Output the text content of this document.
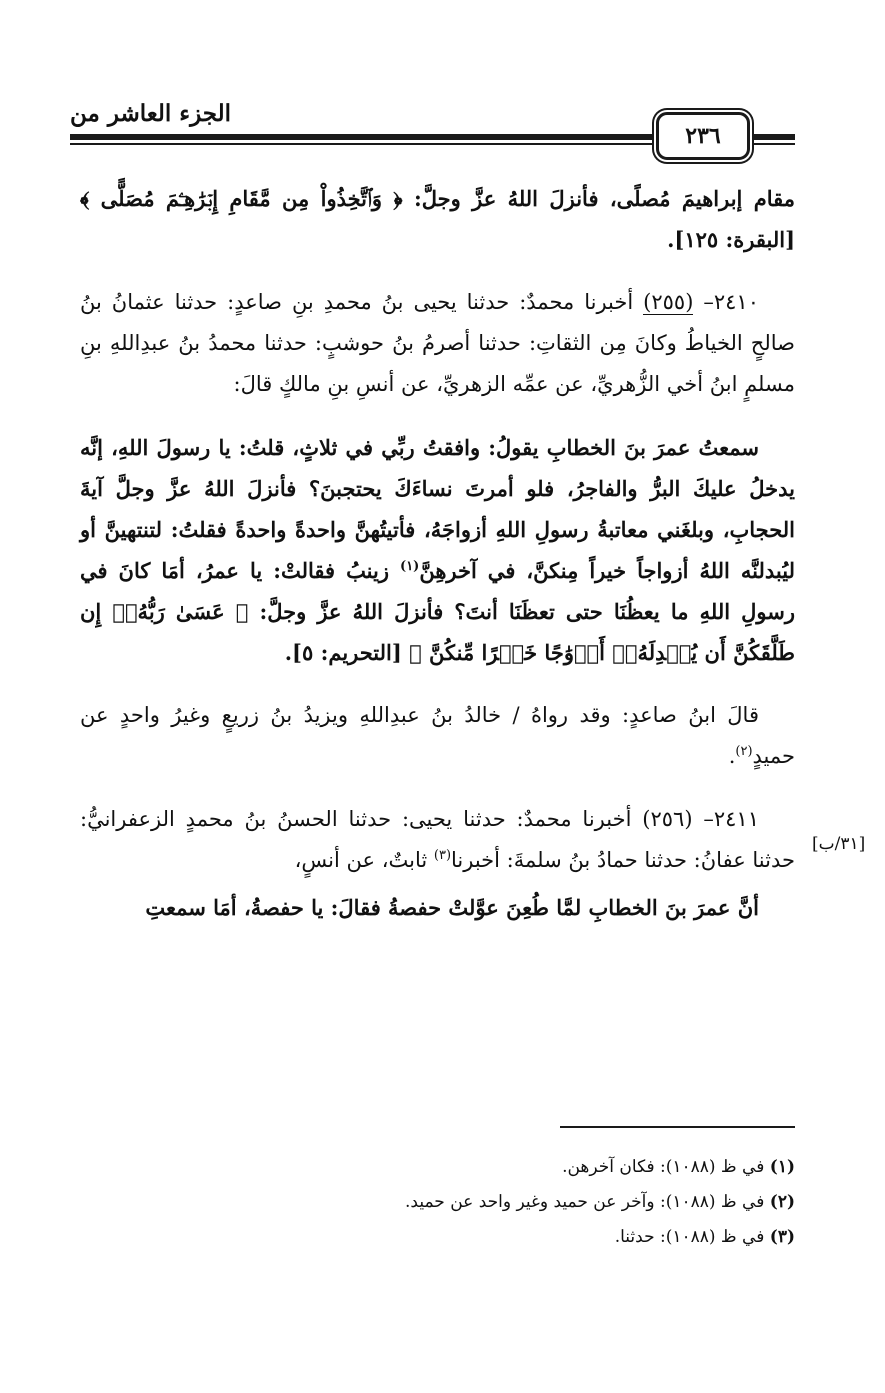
الجزء العاشر من
٢٣٦

مقام إبراهيمَ مُصلًى، فأنزلَ اللهُ عزَّ وجلَّ: ﴿ وَٱتَّخِذُواْ مِن مَّقَامِ إِبۡرَٰهِـۧمَ مُصَلًّى ﴾ [البقرة: ١٢٥].

٢٤١٠– (٢٥٥) أخبرنا محمدٌ: حدثنا يحيى بنُ محمدِ بنِ صاعدٍ: حدثنا عثمانُ بنُ صالحٍ الخياطُ وكانَ مِن الثقاتِ: حدثنا أصرمُ بنُ حوشبٍ: حدثنا محمدُ بنُ عبدِاللهِ بنِ مسلمٍ ابنُ أخي الزُّهريِّ، عن عمِّه الزهريِّ، عن أنسِ بنِ مالكٍ قالَ:

سمعتُ عمرَ بنَ الخطابِ يقولُ: وافقتُ ربِّي في ثلاثٍ، قلتُ: يا رسولَ اللهِ، إنَّه يدخلُ عليكَ البرُّ والفاجرُ، فلو أمرتَ نساءَكَ يحتجبنَ؟ فأنزلَ اللهُ عزَّ وجلَّ آيةَ الحجابِ، وبلغَني معاتبةُ رسولِ اللهِ أزواجَهُ، فأتيتُهنَّ واحدةً واحدةً فقلتُ: لتنتهينَّ أو ليُبدلنَّه اللهُ أزواجاً خيراً مِنكنَّ، في آخرهِنَّ$^{(١)}$ زينبُ فقالتْ: يا عمرُ، أمَا كانَ في رسولِ اللهِ ما يعظُنَا حتى تعظَنَا أنتَ؟ فأنزلَ اللهُ عزَّ وجلَّ: ﴿ عَسَىٰ رَبُّهُۥٓ إِن طَلَّقَكُنَّ أَن يُبۡدِلَهُۥٓ أَزۡوَٰجًا خَيۡرًا مِّنكُنَّ ﴾ [التحريم: ٥].

قالَ ابنُ صاعدٍ: وقد رواهُ / خالدُ بنُ عبدِاللهِ ويزيدُ بنُ زريعٍ وغيرُ واحدٍ عن حميدٍ$^{(٢)}$.

٢٤١١– (٢٥٦) أخبرنا محمدٌ: حدثنا يحيى: حدثنا الحسنُ بنُ محمدٍ الزعفرانيُّ: حدثنا عفانُ: حدثنا حمادُ بنُ سلمةَ: أخبرنا$^{(٣)}$ ثابتٌ، عن أنسٍ،

أنَّ عمرَ بنَ الخطابِ لمَّا طُعِنَ عوَّلتْ حفصةُ فقالَ: يا حفصةُ، أمَا سمعتِ

[٣١/ب]
(١) في ظ (١٠٨٨): فكان آخرهن.
(٢) في ظ (١٠٨٨): وآخر عن حميد وغير واحد عن حميد.
(٣) في ظ (١٠٨٨): حدثنا.
